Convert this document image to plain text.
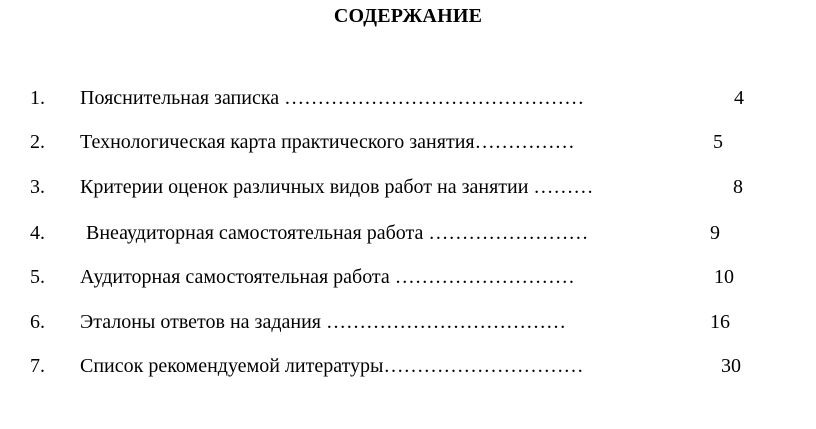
СОДЕРЖАНИЕ
1. Пояснительная записка ………………………………………	4
2. Технологическая карта практического занятия……………	5
3. Критерии оценок различных видов работ на занятии ………	8
4. Внеаудиторная самостоятельная работа ……………………	9
5. Аудиторная самостоятельная работа ………………………	10
6. Эталоны ответов на задания ………………………………	16
7. Список рекомендуемой литературы…………………………	30
